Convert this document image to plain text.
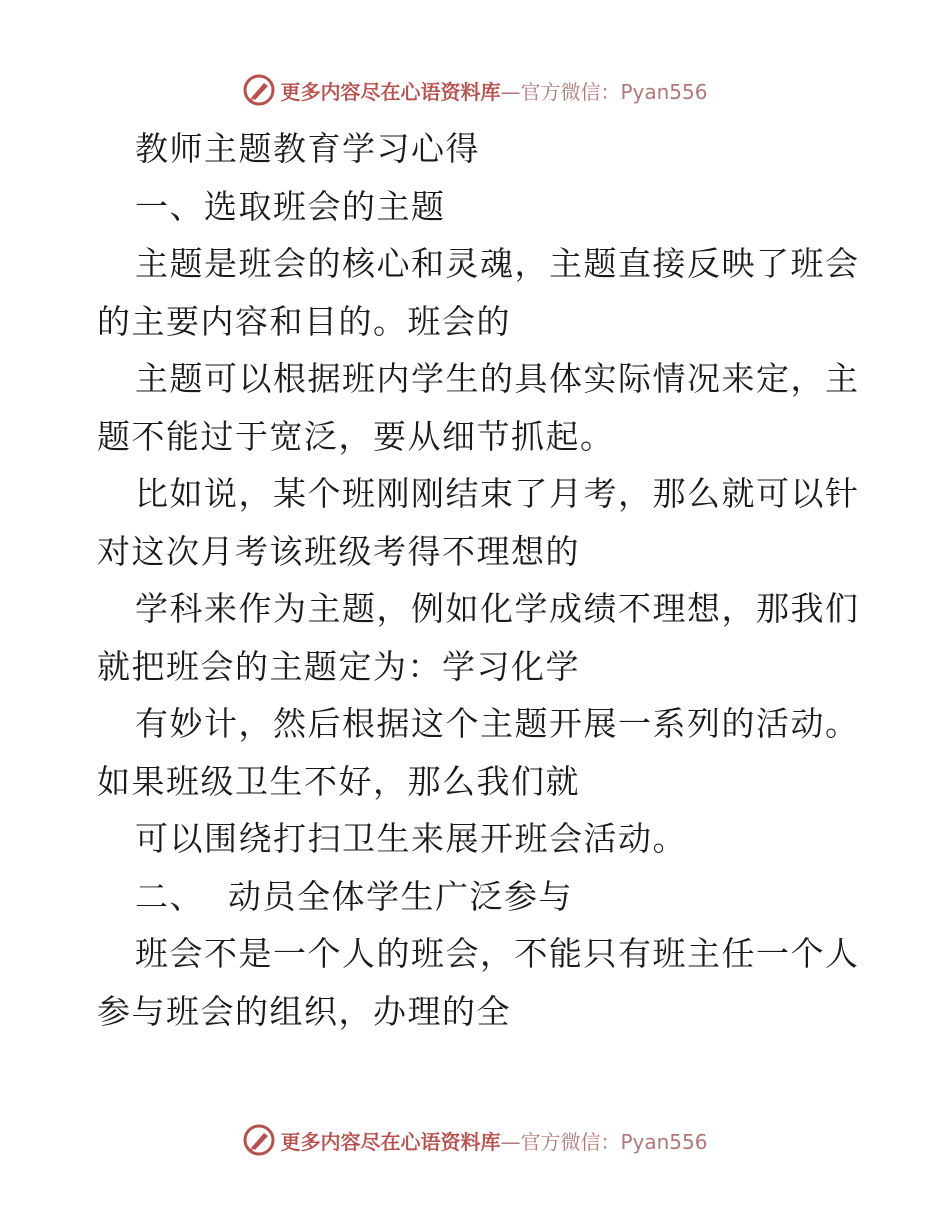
更多内容尽在心语资料库 —官方微信：Pyan556
教师主题教育学习心得
一、选取班会的主题
主题是班会的核心和灵魂，主题直接反映了班会
的主要内容和目的。班会的
主题可以根据班内学生的具体实际情况来定，主
题不能过于宽泛，要从细节抓起。
比如说，某个班刚刚结束了月考，那么就可以针
对这次月考该班级考得不理想的
学科来作为主题，例如化学成绩不理想，那我们
就把班会的主题定为：学习化学
有妙计，然后根据这个主题开展一系列的活动。
如果班级卫生不好，那么我们就
可以围绕打扫卫生来展开班会活动。
二、  动员全体学生广泛参与
班会不是一个人的班会，不能只有班主任一个人
参与班会的组织，办理的全
更多内容尽在心语资料库 —官方微信：Pyan556
